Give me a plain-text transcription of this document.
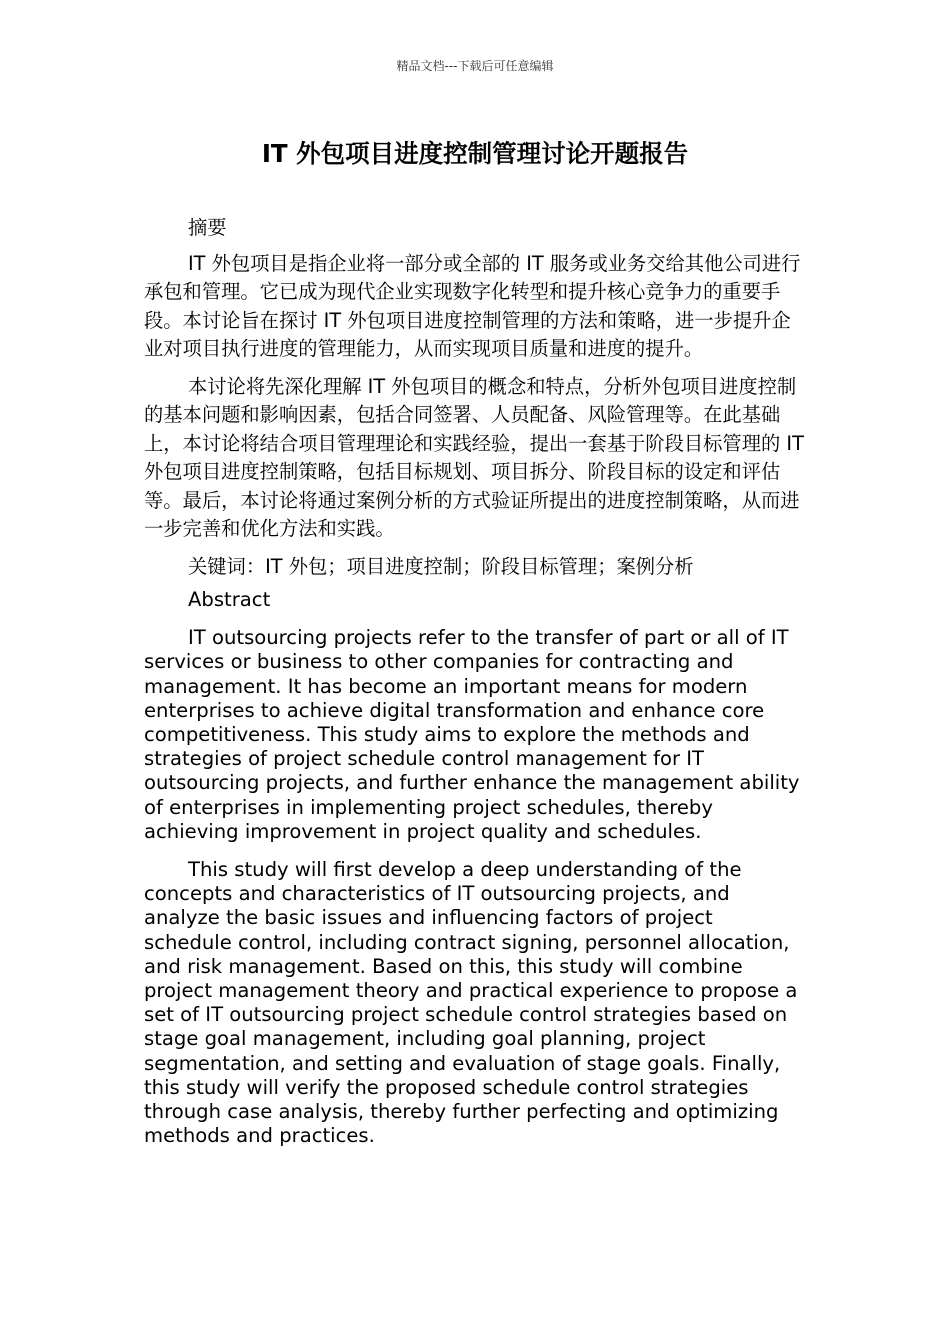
精品文档---下载后可任意编辑
IT 外包项目进度控制管理讨论开题报告

摘要

IT 外包项目是指企业将一部分或全部的 IT 服务或业务交给其他公司进行承包和管理。它已成为现代企业实现数字化转型和提升核心竞争力的重要手段。本讨论旨在探讨 IT 外包项目进度控制管理的方法和策略，进一步提升企业对项目执行进度的管理能力，从而实现项目质量和进度的提升。

本讨论将先深化理解 IT 外包项目的概念和特点，分析外包项目进度控制的基本问题和影响因素，包括合同签署、人员配备、风险管理等。在此基础上，本讨论将结合项目管理理论和实践经验，提出一套基于阶段目标管理的 IT 外包项目进度控制策略，包括目标规划、项目拆分、阶段目标的设定和评估等。最后，本讨论将通过案例分析的方式验证所提出的进度控制策略，从而进一步完善和优化方法和实践。

关键词：IT 外包；项目进度控制；阶段目标管理；案例分析

Abstract

IT outsourcing projects refer to the transfer of part or all of IT services or business to other companies for contracting and management. It has become an important means for modern enterprises to achieve digital transformation and enhance core competitiveness. This study aims to explore the methods and strategies of project schedule control management for IT outsourcing projects, and further enhance the management ability of enterprises in implementing project schedules, thereby achieving improvement in project quality and schedules.

This study will first develop a deep understanding of the concepts and characteristics of IT outsourcing projects, and analyze the basic issues and influencing factors of project schedule control, including contract signing, personnel allocation, and risk management. Based on this, this study will combine project management theory and practical experience to propose a set of IT outsourcing project schedule control strategies based on stage goal management, including goal planning, project segmentation, and setting and evaluation of stage goals. Finally, this study will verify the proposed schedule control strategies through case analysis, thereby further perfecting and optimizing methods and practices.
